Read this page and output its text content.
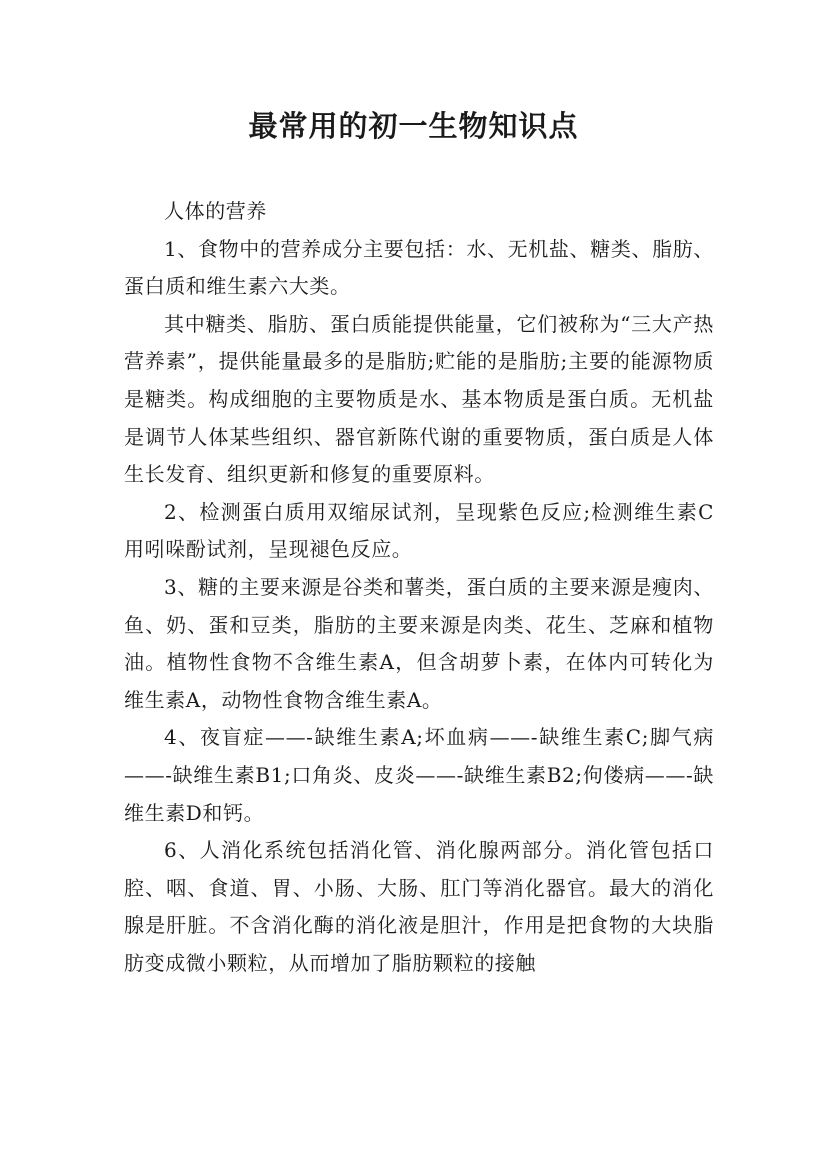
最常用的初一生物知识点

人体的营养

1、食物中的营养成分主要包括：水、无机盐、糖类、脂肪、蛋白质和维生素六大类。

其中糖类、脂肪、蛋白质能提供能量，它们被称为“三大产热营养素”，提供能量最多的是脂肪;贮能的是脂肪;主要的能源物质是糖类。构成细胞的主要物质是水、基本物质是蛋白质。无机盐是调节人体某些组织、器官新陈代谢的重要物质，蛋白质是人体生长发育、组织更新和修复的重要原料。

2、检测蛋白质用双缩尿试剂，呈现紫色反应;检测维生素C用吲哚酚试剂，呈现褪色反应。

3、糖的主要来源是谷类和薯类，蛋白质的主要来源是瘦肉、鱼、奶、蛋和豆类，脂肪的主要来源是肉类、花生、芝麻和植物油。植物性食物不含维生素A，但含胡萝卜素，在体内可转化为维生素A，动物性食物含维生素A。

4、夜盲症——-缺维生素A;坏血病——-缺维生素C;脚气病——-缺维生素B1;口角炎、皮炎——-缺维生素B2;佝偻病——-缺维生素D和钙。

6、人消化系统包括消化管、消化腺两部分。消化管包括口腔、咽、食道、胃、小肠、大肠、肛门等消化器官。最大的消化腺是肝脏。不含消化酶的消化液是胆汁，作用是把食物的大块脂肪变成微小颗粒，从而增加了脂肪颗粒的接触
